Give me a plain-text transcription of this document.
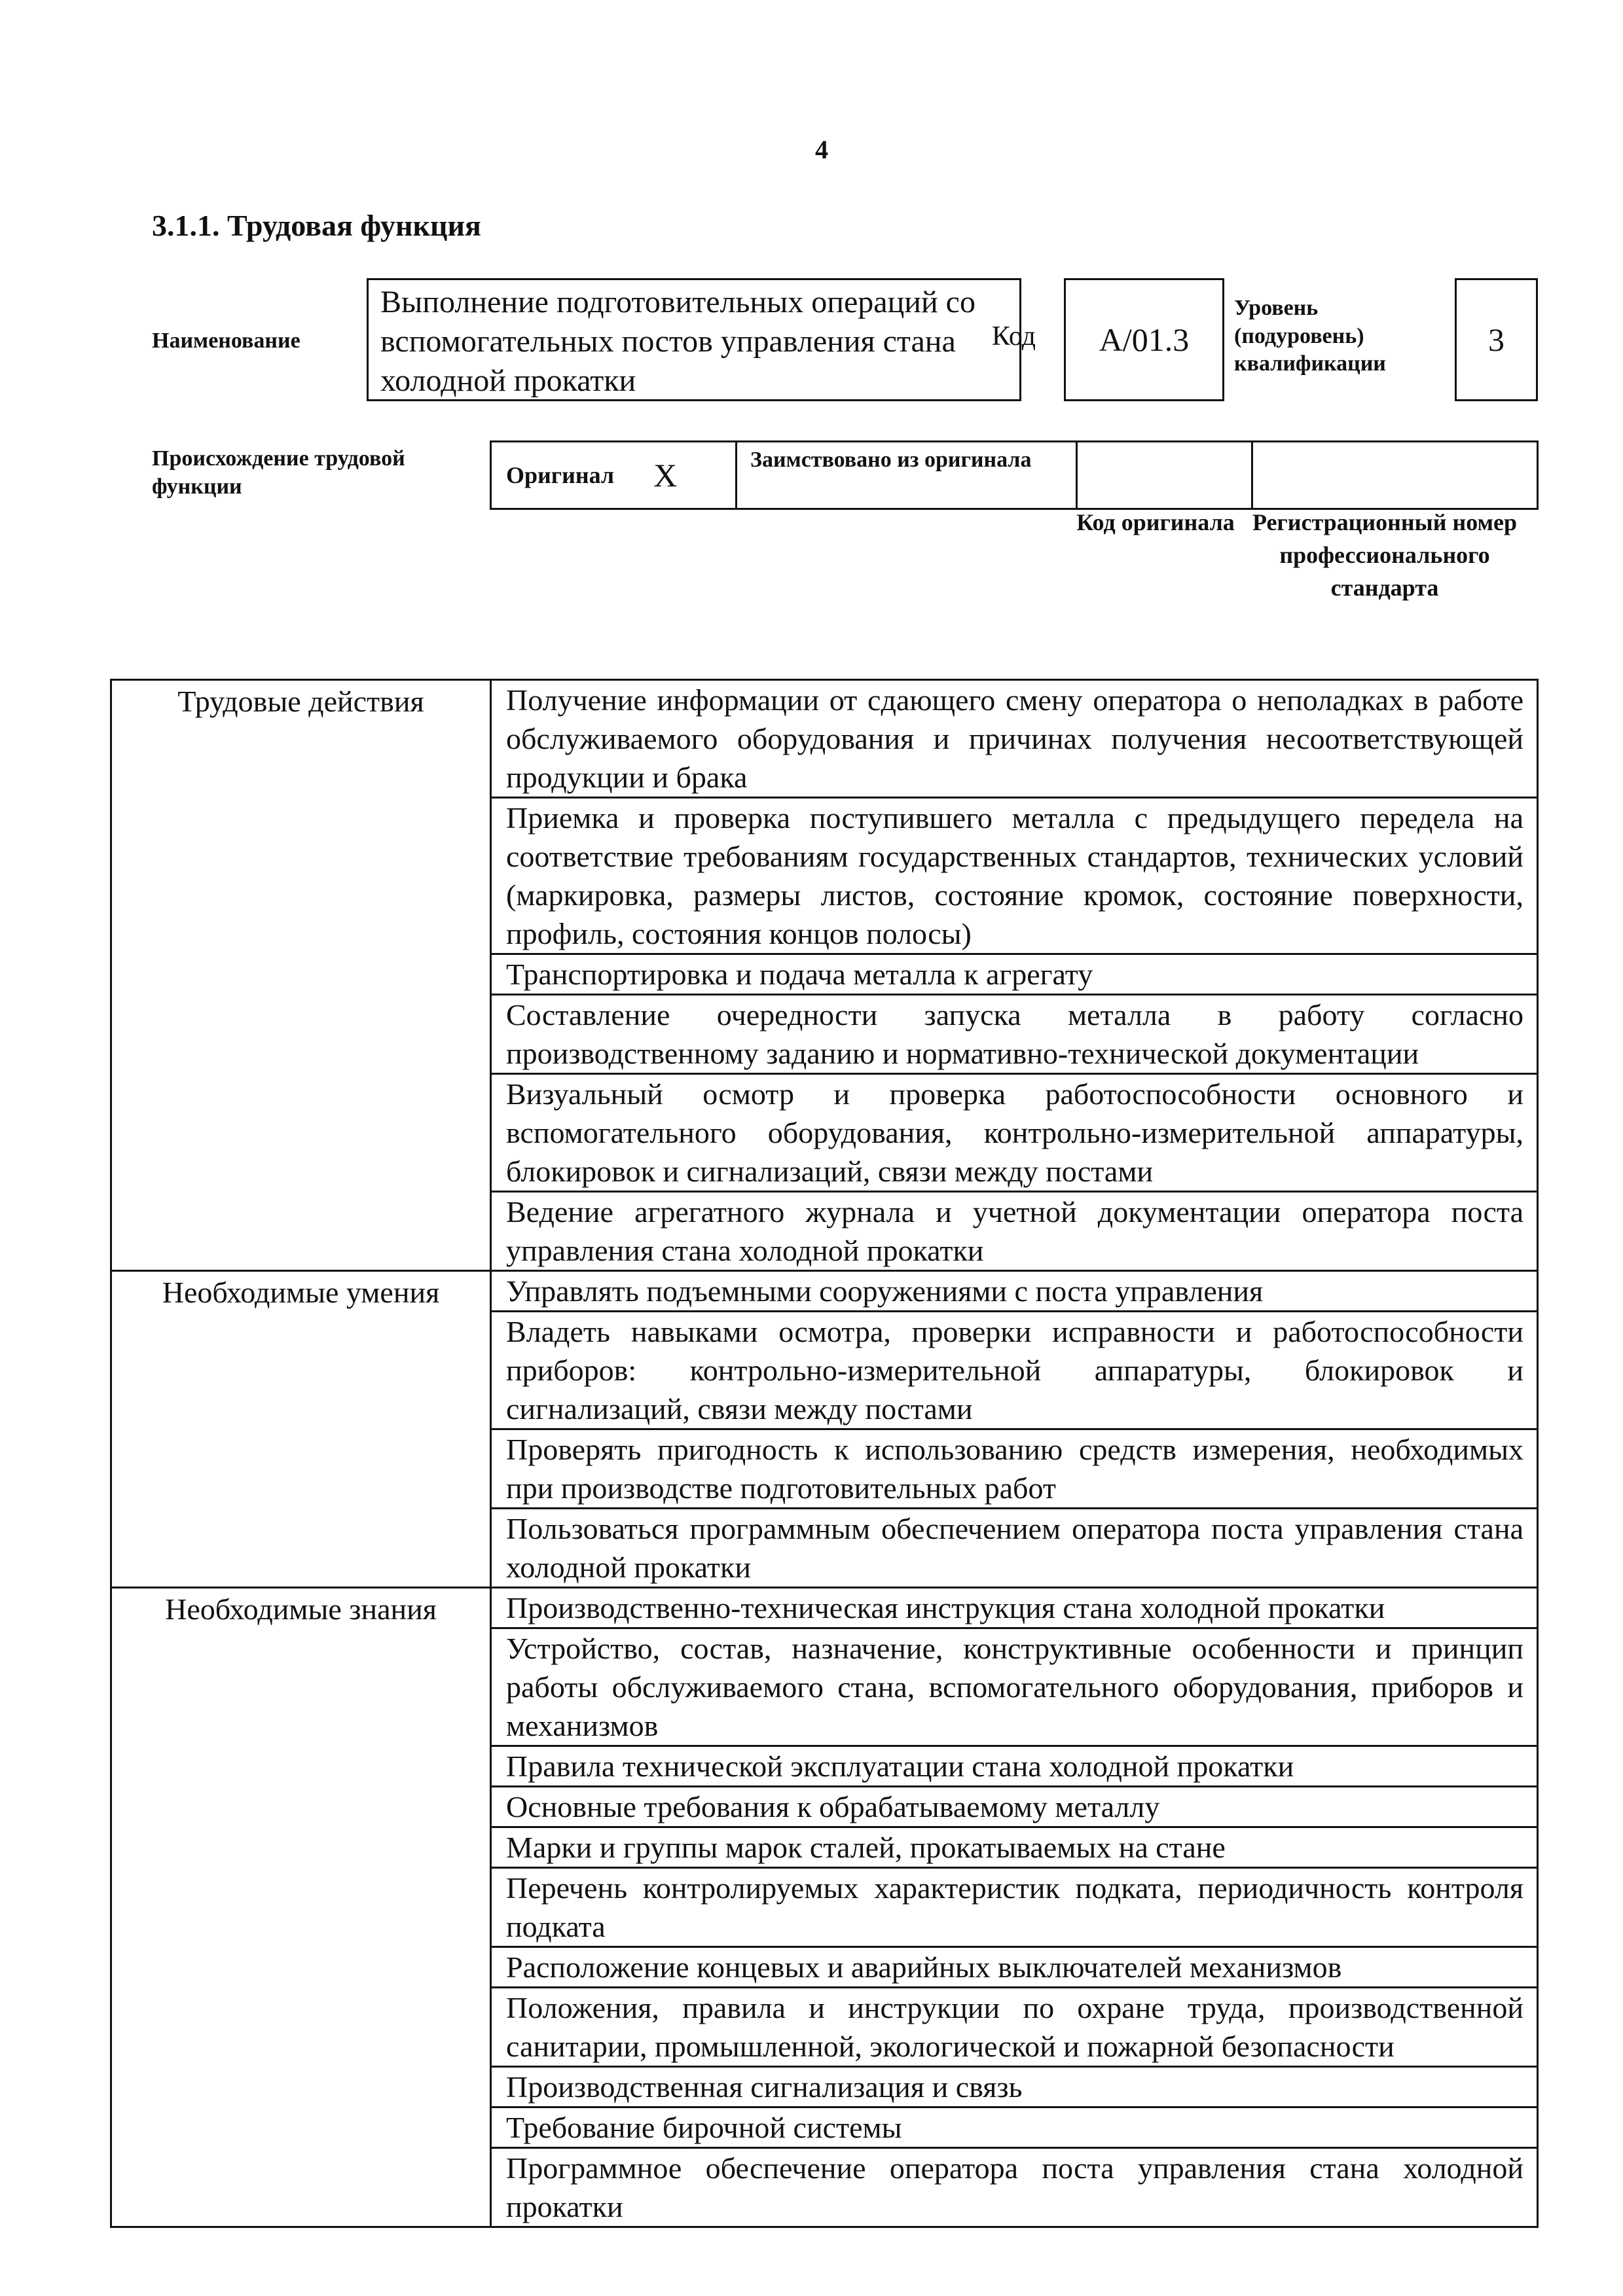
4
3.1.1. Трудовая функция
Наименование
Выполнение подготовительных операций со вспомогательных постов управления стана холодной прокатки
Код	А/01.3
Уровень (подуровень) квалификации
3
Происхождение трудовой функции	Оригинал X	Заимствовано из оригинала
Код оригинала Регистрационный номер профессионального стандарта
Трудовые действия	Получение информации от сдающего смену оператора о неполадках в работе обслуживаемого оборудования и причинах получения несоответствующей продукции и брака
	Приемка и проверка поступившего металла с предыдущего передела на соответствие требованиям государственных стандартов, технических условий (маркировка, размеры листов, состояние кромок, состояние поверхности, профиль, состояния концов полосы)
	Транспортировка и подача металла к агрегату
	Составление очередности запуска металла в работу согласно производственному заданию и нормативно-технической документации
	Визуальный осмотр и проверка работоспособности основного и вспомогательного оборудования, контрольно-измерительной аппаратуры, блокировок и сигнализаций, связи между постами
	Ведение агрегатного журнала и учетной документации оператора поста управления стана холодной прокатки
Необходимые умения	Управлять подъемными сооружениями с поста управления
	Владеть навыками осмотра, проверки исправности и работоспособности приборов: контрольно-измерительной аппаратуры, блокировок и сигнализаций, связи между постами
	Проверять пригодность к использованию средств измерения, необходимых при производстве подготовительных работ
	Пользоваться программным обеспечением оператора поста управления стана холодной прокатки
Необходимые знания	Производственно-техническая инструкция стана холодной прокатки
	Устройство, состав, назначение, конструктивные особенности и принцип работы обслуживаемого стана, вспомогательного оборудования, приборов и механизмов
	Правила технической эксплуатации стана холодной прокатки
	Основные требования к обрабатываемому металлу
	Марки и группы марок сталей, прокатываемых на стане
	Перечень контролируемых характеристик подката, периодичность контроля подката
	Расположение концевых и аварийных выключателей механизмов
	Положения, правила и инструкции по охране труда, производственной санитарии, промышленной, экологической и пожарной безопасности
	Производственная сигнализация и связь
	Требование бирочной системы
	Программное обеспечение оператора поста управления стана холодной прокатки
